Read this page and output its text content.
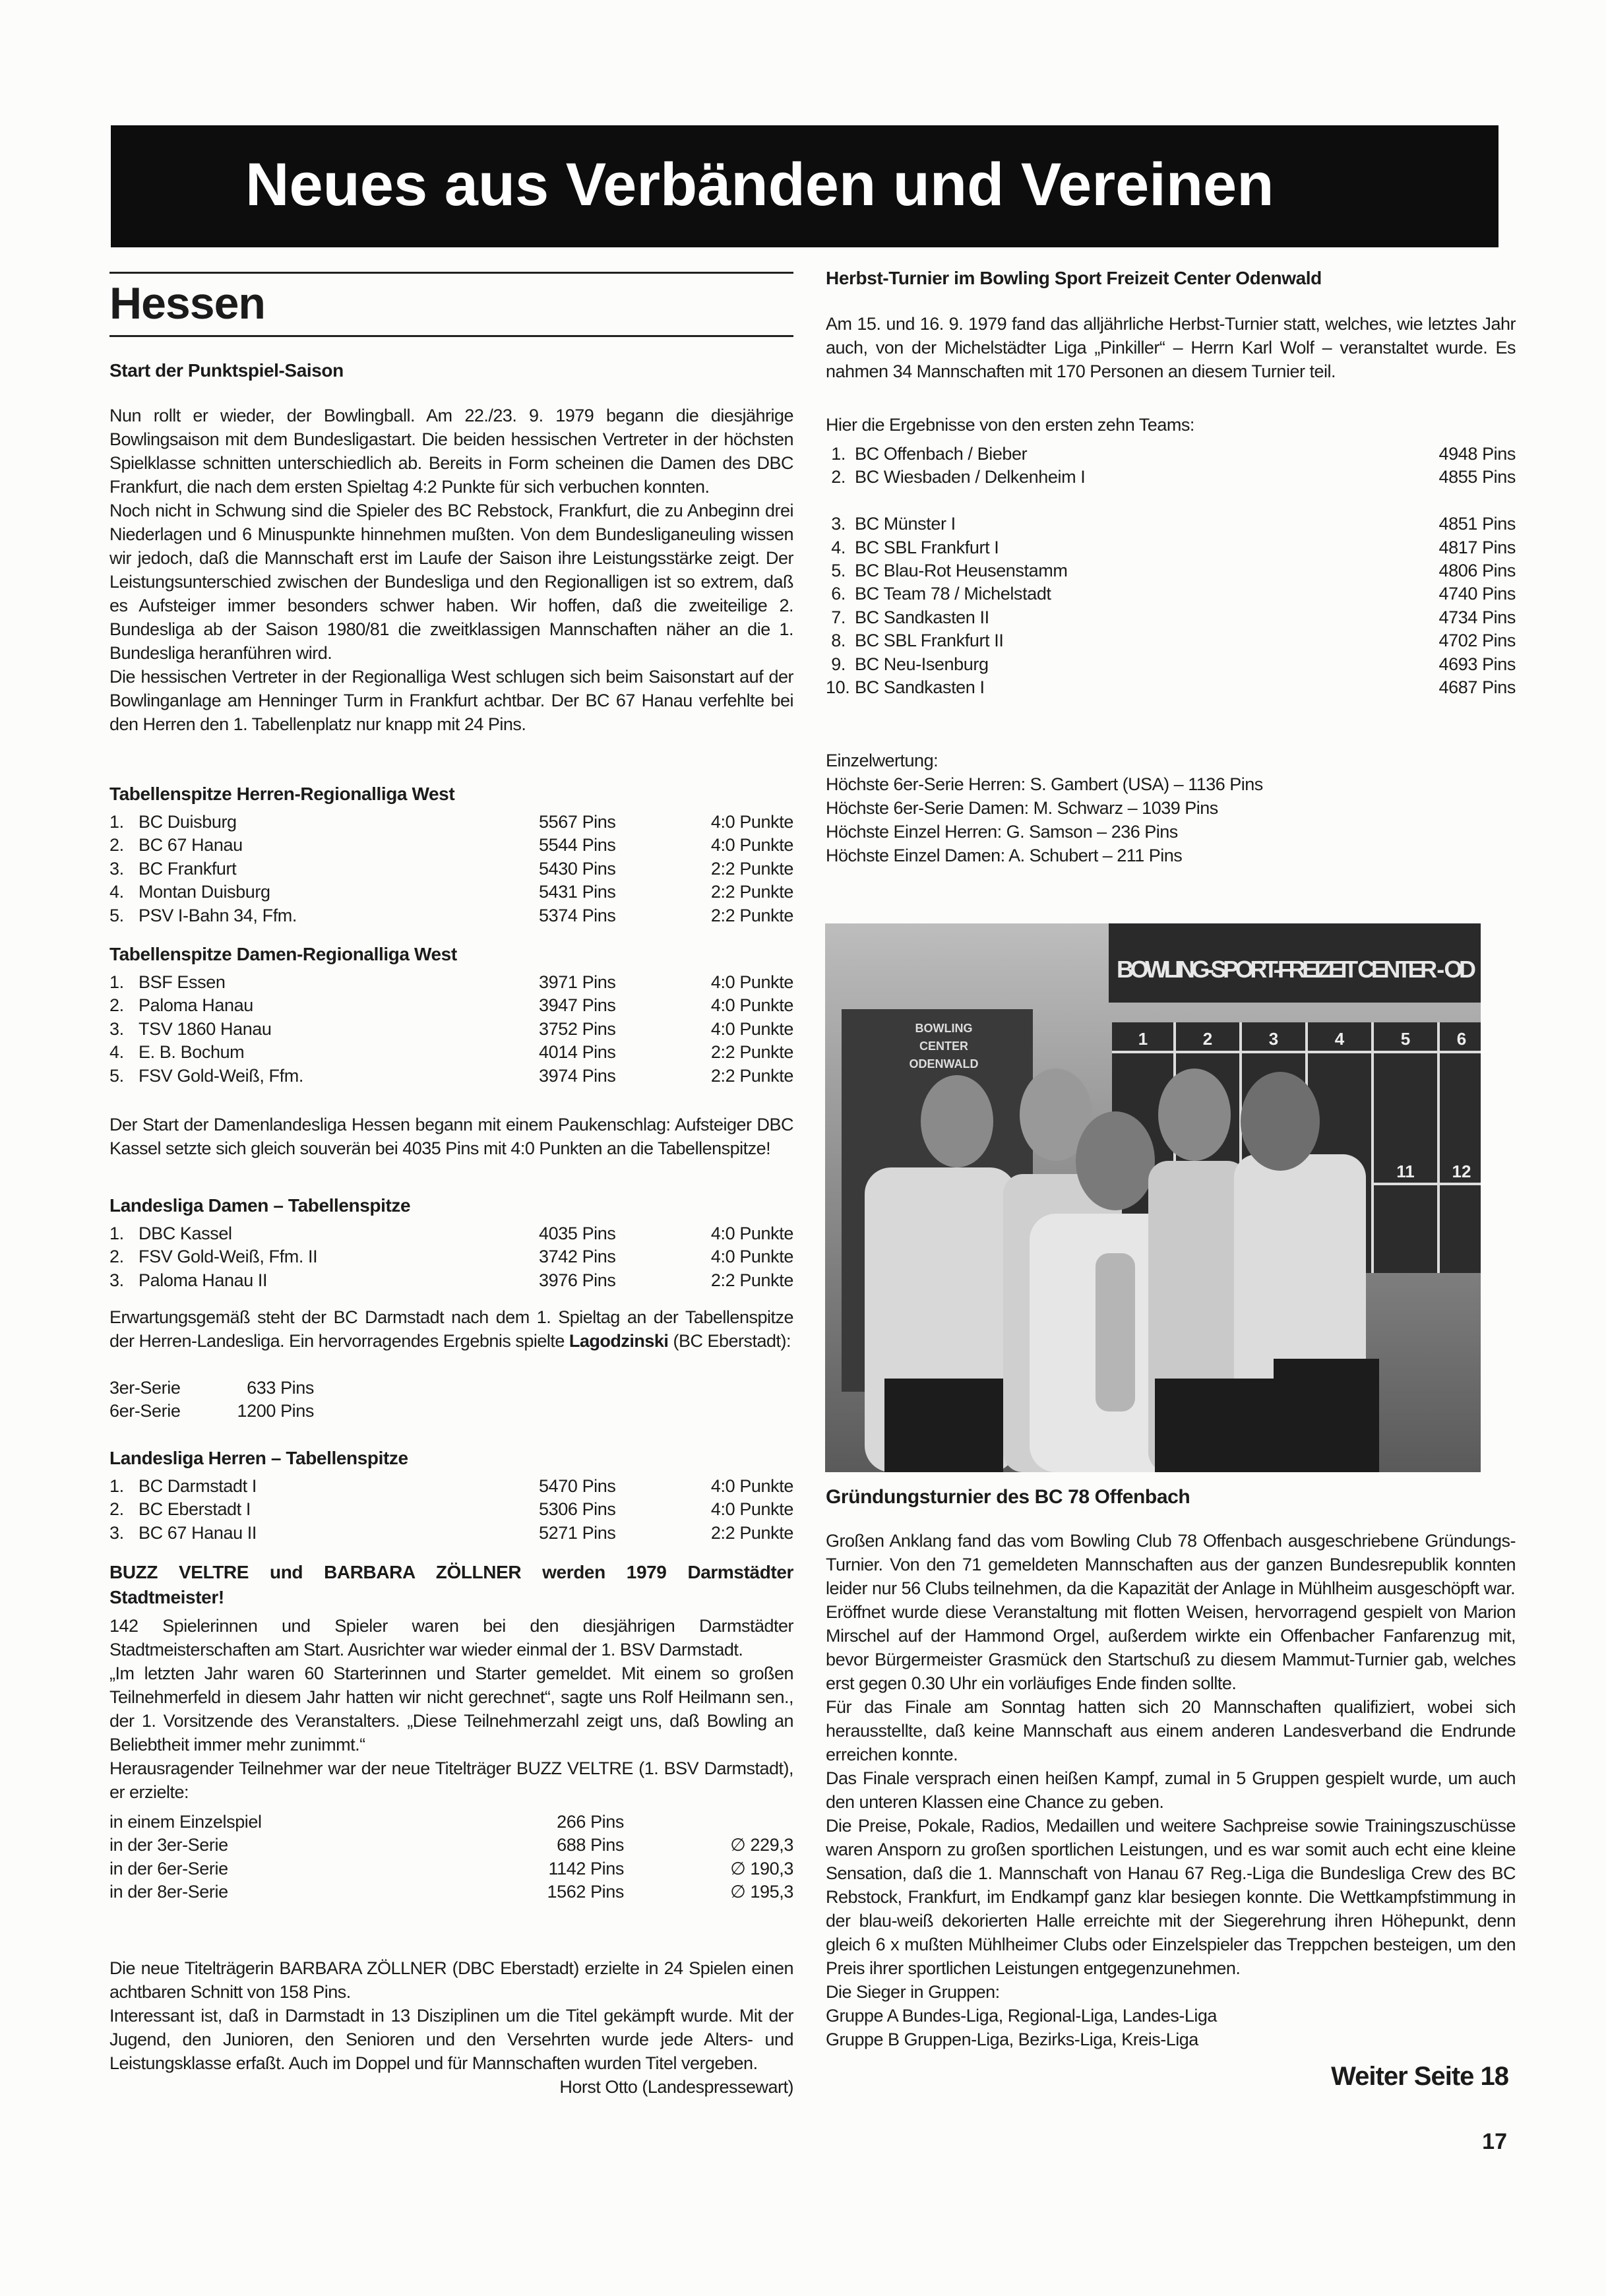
Neues aus Verbänden und Vereinen
Hessen
Start der Punktspiel-Saison

Nun rollt er wieder, der Bowlingball. Am 22./23. 9. 1979 begann die diesjährige Bowlingsaison mit dem Bundesligastart. Die beiden hessischen Vertreter in der höchsten Spielklasse schnitten unterschiedlich ab. Bereits in Form scheinen die Damen des DBC Frankfurt, die nach dem ersten Spieltag 4:2 Punkte für sich verbuchen konnten.

Noch nicht in Schwung sind die Spieler des BC Rebstock, Frankfurt, die zu Anbeginn drei Niederlagen und 6 Minuspunkte hinnehmen mußten. Von dem Bundesliganeuling wissen wir jedoch, daß die Mannschaft erst im Laufe der Saison ihre Leistungsstärke zeigt. Der Leistungsunterschied zwischen der Bundesliga und den Regionalligen ist so extrem, daß es Aufsteiger immer besonders schwer haben. Wir hoffen, daß die zweiteilige 2. Bundesliga ab der Saison 1980/81 die zweitklassigen Mannschaften näher an die 1. Bundesliga heranführen wird.

Die hessischen Vertreter in der Regionalliga West schlugen sich beim Saisonstart auf der Bowlinganlage am Henninger Turm in Frankfurt achtbar. Der BC 67 Hanau verfehlte bei den Herren den 1. Tabellenplatz nur knapp mit 24 Pins.

Tabellenspitze Herren-Regionalliga West
1. BC Duisburg	5567 Pins	4:0 Punkte
2. BC 67 Hanau	5544 Pins	4:0 Punkte
3. BC Frankfurt	5430 Pins	2:2 Punkte
4. Montan Duisburg	5431 Pins	2:2 Punkte
5. PSV I-Bahn 34, Ffm.	5374 Pins	2:2 Punkte
Tabellenspitze Damen-Regionalliga West
1. BSF Essen	3971 Pins	4:0 Punkte
2. Paloma Hanau	3947 Pins	4:0 Punkte
3. TSV 1860 Hanau	3752 Pins	4:0 Punkte
4. E. B. Bochum	4014 Pins	2:2 Punkte
5. FSV Gold-Weiß, Ffm.	3974 Pins	2:2 Punkte
Der Start der Damenlandesliga Hessen begann mit einem Paukenschlag: Aufsteiger DBC Kassel setzte sich gleich souverän bei 4035 Pins mit 4:0 Punkten an die Tabellenspitze!
Landesliga Damen – Tabellenspitze
1. DBC Kassel	4035 Pins	4:0 Punkte
2. FSV Gold-Weiß, Ffm. II	3742 Pins	4:0 Punkte
3. Paloma Hanau II	3976 Pins	2:2 Punkte
Erwartungsgemäß steht der BC Darmstadt nach dem 1. Spieltag an der Tabellenspitze der Herren-Landesliga. Ein hervorragendes Ergebnis spielte Lagodzinski (BC Eberstadt):
3er-Serie	633 Pins
6er-Serie	1200 Pins
Landesliga Herren – Tabellenspitze
1. BC Darmstadt I	5470 Pins	4:0 Punkte
2. BC Eberstadt I	5306 Pins	4:0 Punkte
3. BC 67 Hanau II	5271 Pins	2:2 Punkte
BUZZ VELTRE und BARBARA ZÖLLNER werden 1979 Darmstädter Stadtmeister!

142 Spielerinnen und Spieler waren bei den diesjährigen Darmstädter Stadtmeisterschaften am Start. Ausrichter war wieder einmal der 1. BSV Darmstadt.

„Im letzten Jahr waren 60 Starterinnen und Starter gemeldet. Mit einem so großen Teilnehmerfeld in diesem Jahr hatten wir nicht gerechnet“, sagte uns Rolf Heilmann sen., der 1. Vorsitzende des Veranstalters. „Diese Teilnehmerzahl zeigt uns, daß Bowling an Beliebtheit immer mehr zunimmt.“

Herausragender Teilnehmer war der neue Titelträger BUZZ VELTRE (1. BSV Darmstadt), er erzielte:

in einem Einzelspiel	266 Pins
in der 3er-Serie	688 Pins	∅ 229,3
in der 6er-Serie	1142 Pins	∅ 190,3
in der 8er-Serie	1562 Pins	∅ 195,3

Die neue Titelträgerin BARBARA ZÖLLNER (DBC Eberstadt) erzielte in 24 Spielen einen achtbaren Schnitt von 158 Pins.

Interessant ist, daß in Darmstadt in 13 Disziplinen um die Titel gekämpft wurde. Mit der Jugend, den Junioren, den Senioren und den Versehrten wurde jede Alters- und Leistungsklasse erfaßt. Auch im Doppel und für Mannschaften wurden Titel vergeben.
Horst Otto (Landespressewart)

Herbst-Turnier im Bowling Sport Freizeit Center Odenwald
Am 15. und 16. 9. 1979 fand das alljährliche Herbst-Turnier statt, welches, wie letztes Jahr auch, von der Michelstädter Liga „Pinkiller“ – Herrn Karl Wolf – veranstaltet wurde. Es nahmen 34 Mannschaften mit 170 Personen an diesem Turnier teil.
Hier die Ergebnisse von den ersten zehn Teams:
1. BC Offenbach / Bieber	4948 Pins
2. BC Wiesbaden / Delkenheim I	4855 Pins
3. BC Münster I	4851 Pins
4. BC SBL Frankfurt I	4817 Pins
5. BC Blau-Rot Heusenstamm	4806 Pins
6. BC Team 78 / Michelstadt	4740 Pins
7. BC Sandkasten II	4734 Pins
8. BC SBL Frankfurt II	4702 Pins
9. BC Neu-Isenburg	4693 Pins
10. BC Sandkasten I	4687 Pins

Einzelwertung:

Höchste 6er-Serie Herren: S. Gambert (USA) – 1136 Pins

Höchste 6er-Serie Damen: M. Schwarz – 1039 Pins

Höchste Einzel Herren: G. Samson – 236 Pins

Höchste Einzel Damen: A. Schubert – 211 Pins

BOWLING-SPORT-FREIZEIT CENTER - OD
BOWLING
CENTER
ODENWALD
1	2	3	4	5	6
11 12
Gründungsturnier des BC 78 Offenbach

Großen Anklang fand das vom Bowling Club 78 Offenbach ausgeschriebene Gründungs-Turnier. Von den 71 gemeldeten Mannschaften aus der ganzen Bundesrepublik konnten leider nur 56 Clubs teilnehmen, da die Kapazität der Anlage in Mühlheim ausgeschöpft war.

Eröffnet wurde diese Veranstaltung mit flotten Weisen, hervorragend gespielt von Marion Mirschel auf der Hammond Orgel, außerdem wirkte ein Offenbacher Fanfarenzug mit, bevor Bürgermeister Grasmück den Startschuß zu diesem Mammut-Turnier gab, welches erst gegen 0.30 Uhr ein vorläufiges Ende finden sollte.

Für das Finale am Sonntag hatten sich 20 Mannschaften qualifiziert, wobei sich herausstellte, daß keine Mannschaft aus einem anderen Landesverband die Endrunde erreichen konnte.

Das Finale versprach einen heißen Kampf, zumal in 5 Gruppen gespielt wurde, um auch den unteren Klassen eine Chance zu geben.

Die Preise, Pokale, Radios, Medaillen und weitere Sachpreise sowie Trainingszuschüsse waren Ansporn zu großen sportlichen Leistungen, und es war somit auch echt eine kleine Sensation, daß die 1. Mannschaft von Hanau 67 Reg.-Liga die Bundesliga Crew des BC Rebstock, Frankfurt, im Endkampf ganz klar besiegen konnte. Die Wettkampfstimmung in der blau-weiß dekorierten Halle erreichte mit der Siegerehrung ihren Höhepunkt, denn gleich 6 x mußten Mühlheimer Clubs oder Einzelspieler das Treppchen besteigen, um den Preis ihrer sportlichen Leistungen entgegenzunehmen.

Die Sieger in Gruppen:

Gruppe A Bundes-Liga, Regional-Liga, Landes-Liga

Gruppe B Gruppen-Liga, Bezirks-Liga, Kreis-Liga

Weiter Seite 18
17
